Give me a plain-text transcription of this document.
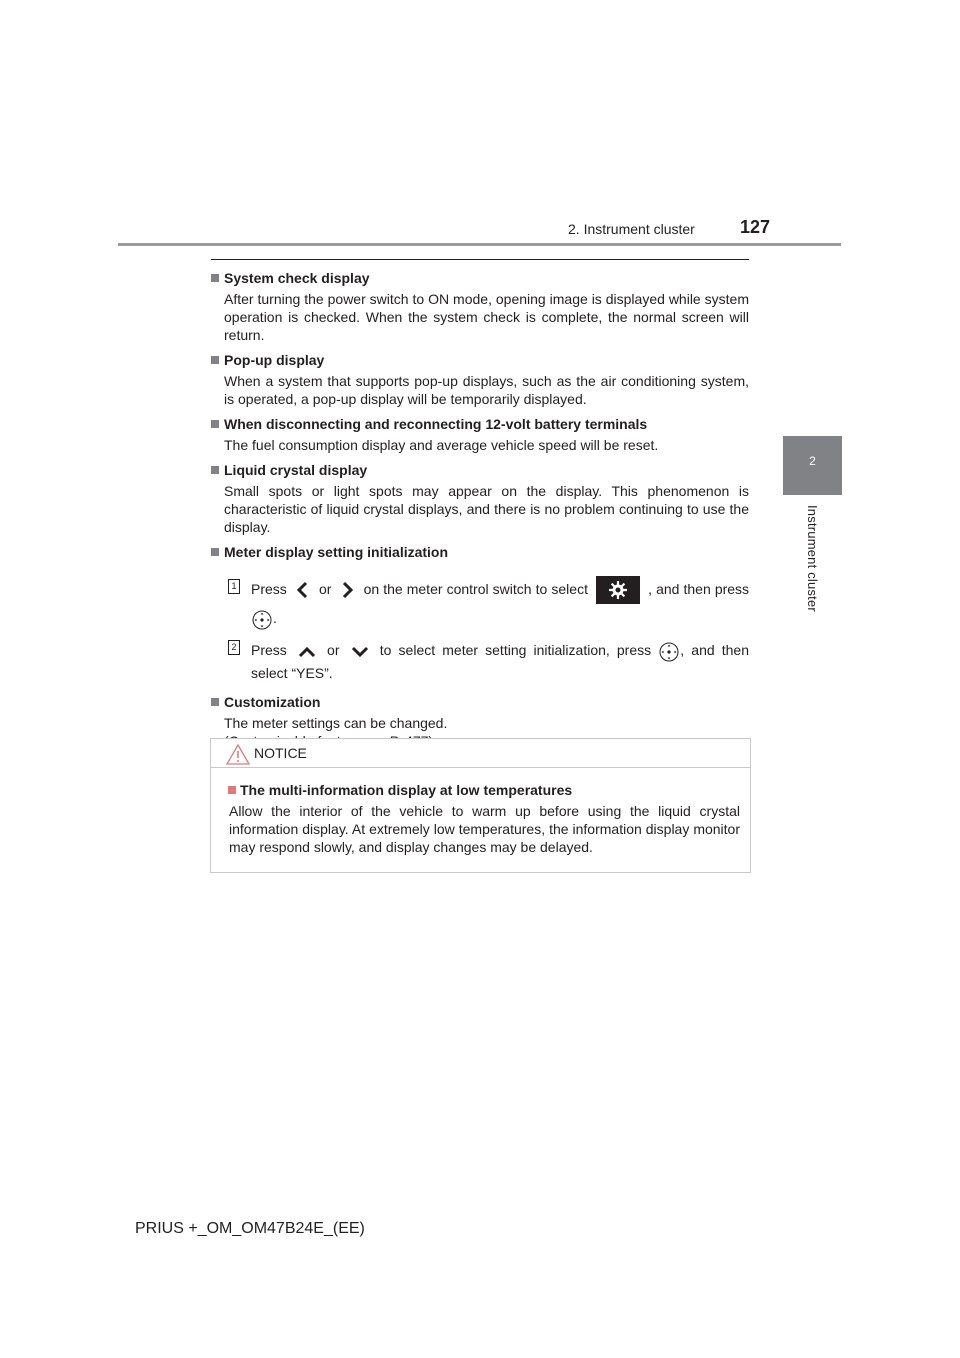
2. Instrument cluster	127
2
Instrument cluster
System check display
After turning the power switch to ON mode, opening image is displayed while system operation is checked. When the system check is complete, the normal screen will return.
Pop-up display
When a system that supports pop-up displays, such as the air conditioning system, is operated, a pop-up display will be temporarily displayed.
When disconnecting and reconnecting 12-volt battery terminals
The fuel consumption display and average vehicle speed will be reset.
Liquid crystal display
Small spots or light spots may appear on the display. This phenomenon is characteristic of liquid crystal displays, and there is no problem continuing to use the display.
Meter display setting initialization
1 Press or on the meter control switch to select	, and then press .
2 Press	or	to select meter setting initialization, press , and then select “YES”.
Customization
The meter settings can be changed.
NOTICE
The multi-information display at low temperatures
Allow the interior of the vehicle to warm up before using the liquid crystal information display. At extremely low temperatures, the information display monitor may respond slowly, and display changes may be delayed.
PRIUS +_OM_OM47B24E_(EE)
